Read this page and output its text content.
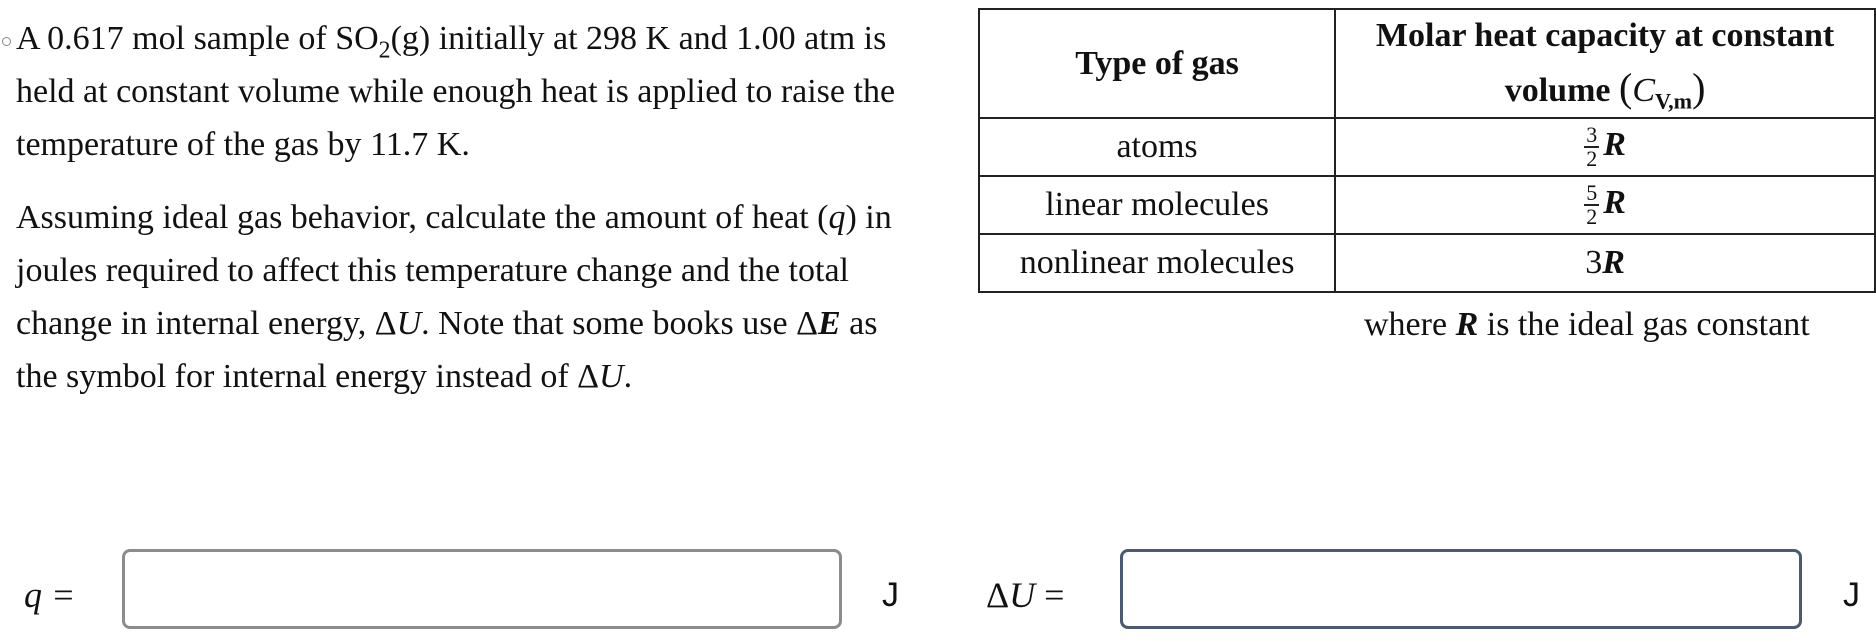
A 0.617 mol sample of $SO_2(g)$ initially at 298 K and 1.00 atm is held at constant volume while enough heat is applied to raise the temperature of the gas by 11.7 K.

Assuming ideal gas behavior, calculate the amount of heat (q) in joules required to affect this temperature change and the total change in internal energy, ΔU. Note that some books use ΔE as the symbol for internal energy instead of ΔU.

Type of gas	Molar heat capacity at constant
volume $(C_{V,m})$
atoms	$\frac{3}{2}$ R
linear molecules	$\frac{5}{2}$ R
nonlinear molecules	3R
where R is the ideal gas constant
q =	J ΔU =	J
